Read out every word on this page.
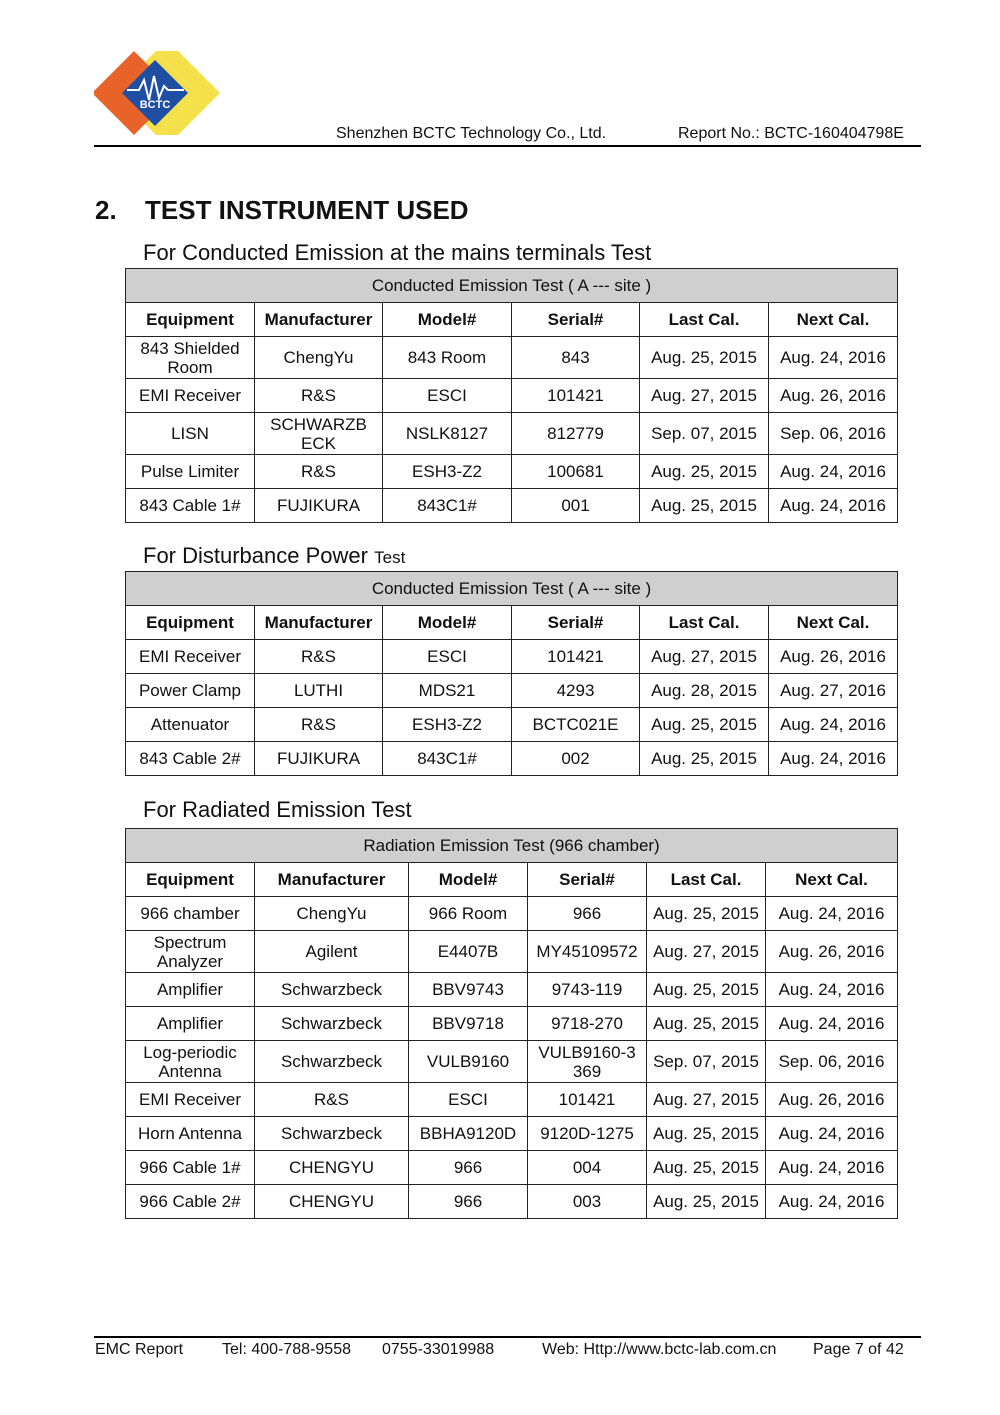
BCTC
Shenzhen BCTC Technology Co., Ltd.	Report No.: BCTC-160404798E
2. TEST INSTRUMENT USED
For Conducted Emission at the mains terminals Test
Conducted Emission Test ( A --- site )					
Equipment	Manufacturer	Model#	Serial#	Last Cal.	Next Cal.
843 Shielded Room	ChengYu	843 Room	843	Aug. 25, 2015	Aug. 24, 2016
EMI Receiver	R&S	ESCI	101421	Aug. 27, 2015	Aug. 26, 2016
LISN	SCHWARZB ECK	NSLK8127	812779	Sep. 07, 2015	Sep. 06, 2016
Pulse Limiter	R&S	ESH3-Z2	100681	Aug. 25, 2015	Aug. 24, 2016
843 Cable 1#	FUJIKURA	843C1#	001	Aug. 25, 2015	Aug. 24, 2016
For Disturbance Power Test
Conducted Emission Test ( A --- site )					
Equipment	Manufacturer	Model#	Serial#	Last Cal.	Next Cal.
EMI Receiver	R&S	ESCI	101421	Aug. 27, 2015	Aug. 26, 2016
Power Clamp	LUTHI	MDS21	4293	Aug. 28, 2015	Aug. 27, 2016
Attenuator	R&S	ESH3-Z2	BCTC021E	Aug. 25, 2015	Aug. 24, 2016
843 Cable 2#	FUJIKURA	843C1#	002	Aug. 25, 2015	Aug. 24, 2016
For Radiated Emission Test
Radiation Emission Test (966 chamber)					
Equipment	Manufacturer	Model#	Serial#	Last Cal.	Next Cal.
966 chamber	ChengYu	966 Room	966	Aug. 25, 2015	Aug. 24, 2016
Spectrum Analyzer	Agilent	E4407B	MY45109572	Aug. 27, 2015	Aug. 26, 2016
Amplifier	Schwarzbeck	BBV9743	9743-119	Aug. 25, 2015	Aug. 24, 2016
Amplifier	Schwarzbeck	BBV9718	9718-270	Aug. 25, 2015	Aug. 24, 2016
Log-periodic Antenna	Schwarzbeck	VULB9160	VULB9160-3 369	Sep. 07, 2015	Sep. 06, 2016
EMI Receiver	R&S	ESCI	101421	Aug. 27, 2015	Aug. 26, 2016
Horn Antenna	Schwarzbeck	BBHA9120D	9120D-1275	Aug. 25, 2015	Aug. 24, 2016
966 Cable 1#	CHENGYU	966	004	Aug. 25, 2015	Aug. 24, 2016
966 Cable 2#	CHENGYU	966	003	Aug. 25, 2015	Aug. 24, 2016
EMC Report Tel: 400-788-9558 0755-33019988	Web: Http://www.bctc-lab.com.cn Page 7 of 42
